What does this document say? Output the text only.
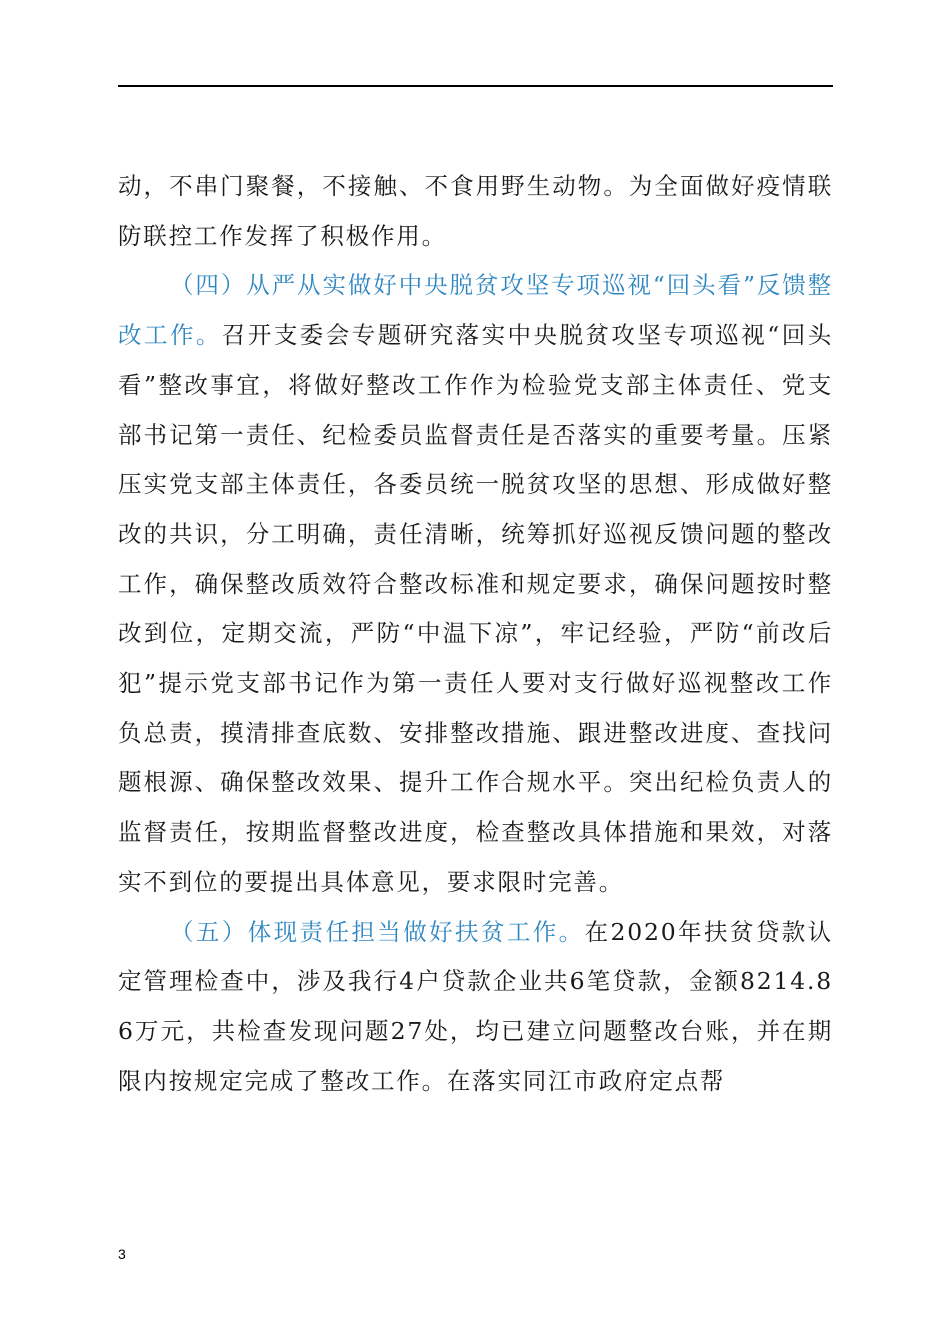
动，不串门聚餐，不接触、不食用野生动物。为全面做好疫情联防联控工作发挥了积极作用。

（四）从严从实做好中央脱贫攻坚专项巡视“回头看”反馈整改工作。召开支委会专题研究落实中央脱贫攻坚专项巡视“回头看”整改事宜，将做好整改工作作为检验党支部主体责任、党支部书记第一责任、纪检委员监督责任是否落实的重要考量。压紧压实党支部主体责任，各委员统一脱贫攻坚的思想、形成做好整改的共识，分工明确，责任清晰，统筹抓好巡视反馈问题的整改工作，确保整改质效符合整改标准和规定要求，确保问题按时整改到位，定期交流，严防“中温下凉”，牢记经验，严防“前改后犯”提示党支部书记作为第一责任人要对支行做好巡视整改工作负总责，摸清排查底数、安排整改措施、跟进整改进度、查找问题根源、确保整改效果、提升工作合规水平。突出纪检负责人的监督责任，按期监督整改进度，检查整改具体措施和果效，对落实不到位的要提出具体意见，要求限时完善。

（五）体现责任担当做好扶贫工作。在2020年扶贫贷款认定管理检查中，涉及我行4户贷款企业共6笔贷款，金额8214.86万元，共检查发现问题27处，均已建立问题整改台账，并在期限内按规定完成了整改工作。在落实同江市政府定点帮

3
